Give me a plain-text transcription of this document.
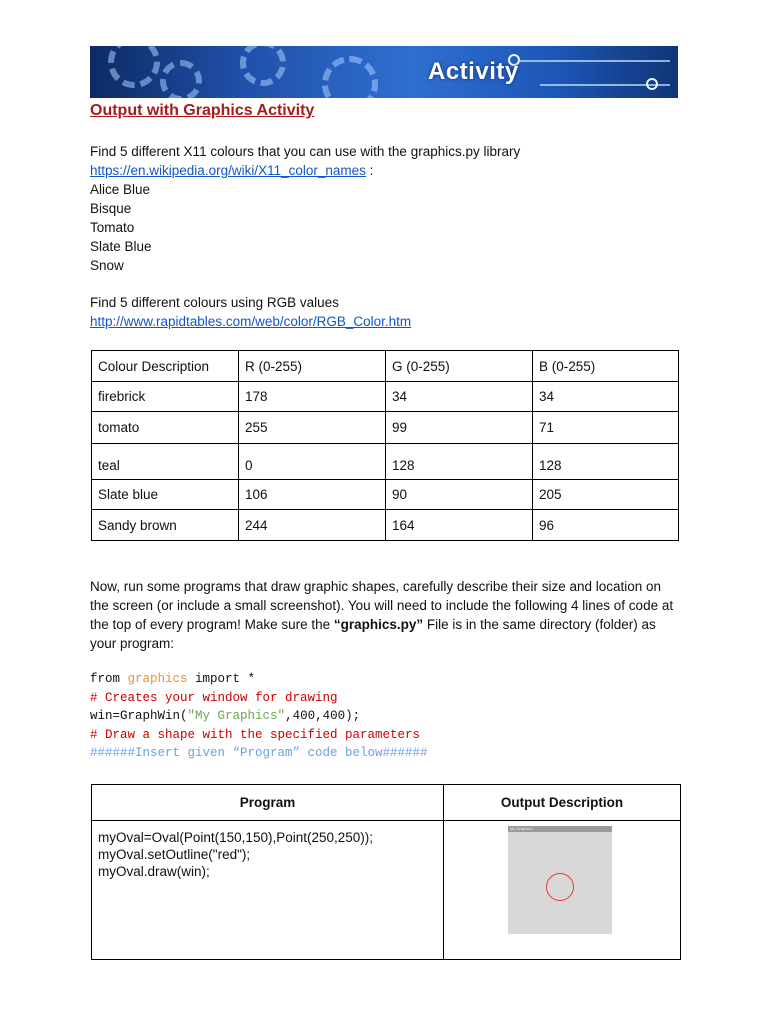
Activity
Output with Graphics Activity
Find 5 different X11 colours that you can use with the graphics.py library
https://en.wikipedia.org/wiki/X11_color_names :
Alice Blue
Bisque
Tomato
Slate Blue
Snow
Find 5 different colours using RGB values
http://www.rapidtables.com/web/color/RGB_Color.htm
Colour Description	R (0-255)	G (0-255)	B (0-255)
firebrick	178	34	34
tomato	255	99	71
teal	0	128	128
Slate blue	106	90	205
Sandy brown	244	164	96
Now, run some programs that draw graphic shapes, carefully describe their size and location on the screen (or include a small screenshot). You will need to include the following 4 lines of code at the top of every program! Make sure the “graphics.py” File is in the same directory (folder) as your program:
from graphics import *
# Creates your window for drawing
win=GraphWin("My Graphics",400,400);
# Draw a shape with the specified parameters
######Insert given “Program” code below######
Program	Output Description

myOval=Oval(Point(150,150),Point(250,250));
myOval.setOutline("red");
myOval.draw(win);	

My Graphics
